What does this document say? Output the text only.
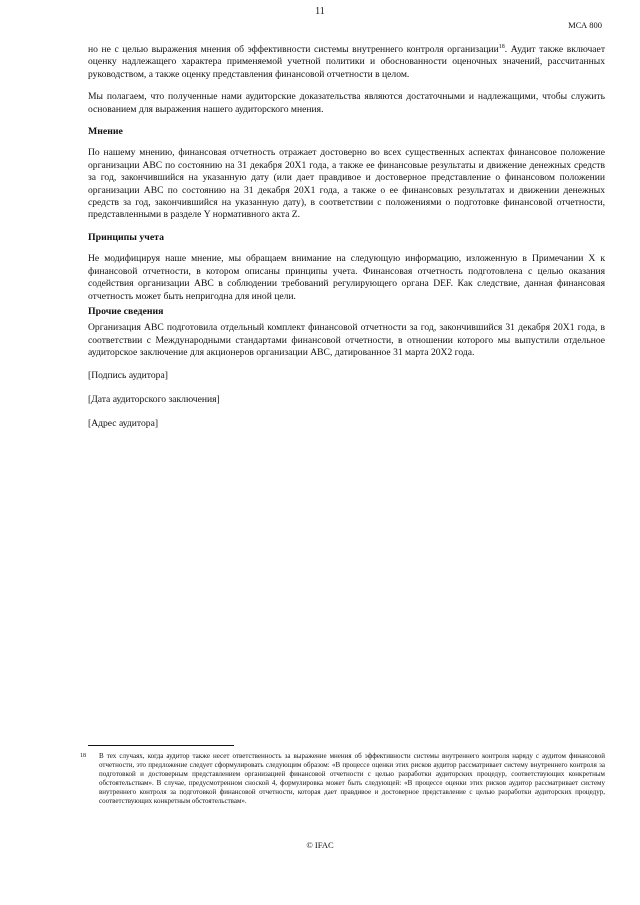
11
МСА 800

но не с целью выражения мнения об эффективности системы внутреннего контроля организации$^{18}$. Аудит также включает оценку надлежащего характера применяемой учетной политики и обоснованности оценочных значений, рассчитанных руководством, а также оценку представления финансовой отчетности в целом.

Мы полагаем, что полученные нами аудиторские доказательства являются достаточными и надлежащими, чтобы служить основанием для выражения нашего аудиторского мнения.

Мнение

По нашему мнению, финансовая отчетность отражает достоверно во всех существенных аспектах финансовое положение организации ABC по состоянию на 31 декабря 20X1 года, а также ее финансовые результаты и движение денежных средств за год, закончившийся на указанную дату (или дает правдивое и достоверное представление о финансовом положении организации ABC по состоянию на 31 декабря 20X1 года, а также о ее финансовых результатах и движении денежных средств за год, закончившийся на указанную дату), в соответствии с положениями о подготовке финансовой отчетности, представленными в разделе Y нормативного акта Z.

Принципы учета

Не модифицируя наше мнение, мы обращаем внимание на следующую информацию, изложенную в Примечании X к финансовой отчетности, в котором описаны принципы учета. Финансовая отчетность подготовлена с целью оказания содействия организации ABC в соблюдении требований регулирующего органа DEF. Как следствие, данная финансовая отчетность может быть непригодна для иной цели.

Прочие сведения

Организация ABC подготовила отдельный комплект финансовой отчетности за год, закончившийся 31 декабря 20X1 года, в соответствии с Международными стандартами финансовой отчетности, в отношении которого мы выпустили отдельное аудиторское заключение для акционеров организации ABC, датированное 31 марта 20X2 года.

[Подпись аудитора]
[Дата аудиторского заключения]
[Адрес аудитора]
18 В тех случаях, когда аудитор также несет ответственность за выражение мнения об эффективности системы внутреннего контроля наряду с аудитом финансовой отчетности, это предложение следует сформулировать следующим образом: «В процессе оценки этих рисков аудитор рассматривает систему внутреннего контроля за подготовкой и достоверным представлением организацией финансовой отчетности с целью разработки аудиторских процедур, соответствующих конкретным обстоятельствам». В случае, предусмотренном сноской 4, формулировка может быть следующей: «В процессе оценки этих рисков аудитор рассматривает систему внутреннего контроля за подготовкой финансовой отчетности, которая дает правдивое и достоверное представление с целью разработки аудиторских процедур, соответствующих конкретным обстоятельствам».
© IFAC
